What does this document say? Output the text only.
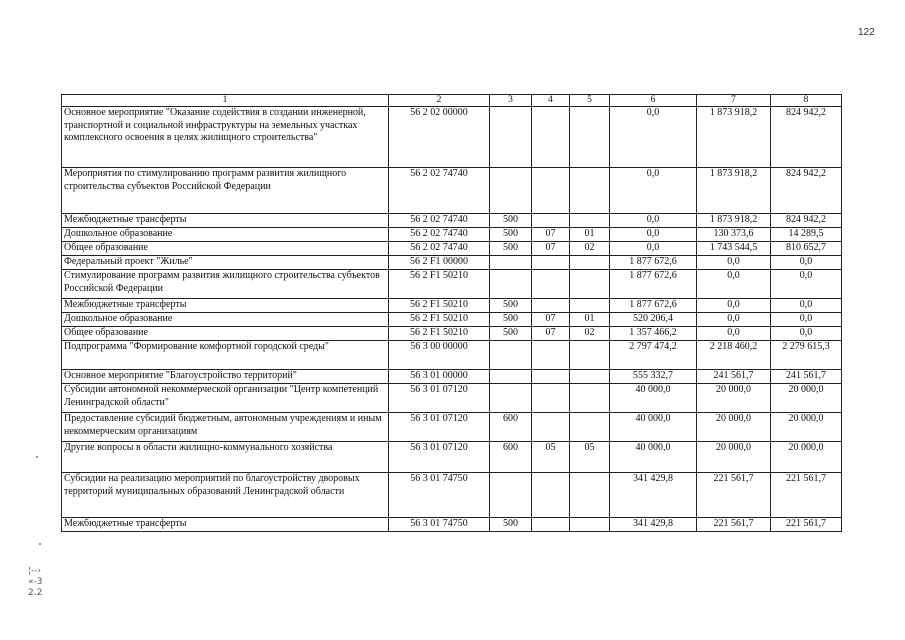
122
1	2	3	4	5	6	7	8
Основное мероприятие "Оказание содействия в создании инженерной, транспортной и социальной инфраструктуры на земельных участках комплексного освоения в целях жилищного строительства"	56 2 02 00000				0,0	1 873 918,2	824 942,2
Мероприятия по стимулированию программ развития жилищного строительства субъектов Российской Федерации	56 2 02 74740				0,0	1 873 918,2	824 942,2
Межбюджетные трансферты	56 2 02 74740	500			0,0	1 873 918,2	824 942,2
Дошкольное образование	56 2 02 74740	500	07	01	0,0	130 373,6	14 289,5
Общее образование	56 2 02 74740	500	07	02	0,0	1 743 544,5	810 652,7
Федеральный проект "Жилье"	56 2 F1 00000				1 877 672,6	0,0	0,0
Стимулирование программ развития жилищного строительства субъектов Российской Федерации	56 2 F1 50210				1 877 672,6	0,0	0,0
Межбюджетные трансферты	56 2 F1 50210	500			1 877 672,6	0,0	0,0
Дошкольное образование	56 2 F1 50210	500	07	01	520 206,4	0,0	0,0
Общее образование	56 2 F1 50210	500	07	02	1 357 466,2	0,0	0,0
Подпрограмма "Формирование комфортной городской среды"	56 3 00 00000				2 797 474,2	2 218 460,2	2 279 615,3
Основное мероприятие "Благоустройство территорий"	56 3 01 00000				555 332,7	241 561,7	241 561,7
Субсидии автономной некоммерческой организации "Центр компетенций Ленинградской области"	56 3 01 07120				40 000,0	20 000,0	20 000,0
Предоставление субсидий бюджетным, автономным учреждениям и иным некоммерческим организациям	56 3 01 07120	600			40 000,0	20 000,0	20 000,0
Другие вопросы в области жилищно-коммунального хозяйства	56 3 01 07120	600	05	05	40 000,0	20 000,0	20 000,0
Субсидии на реализацию мероприятий по благоустройству дворовых территорий муниципальных образований Ленинградской области	56 3 01 74750				341 429,8	221 561,7	221 561,7
Межбюджетные трансферты	56 3 01 74750	500			341 429,8	221 561,7	221 561,7
¦--›
«-3
2.2
